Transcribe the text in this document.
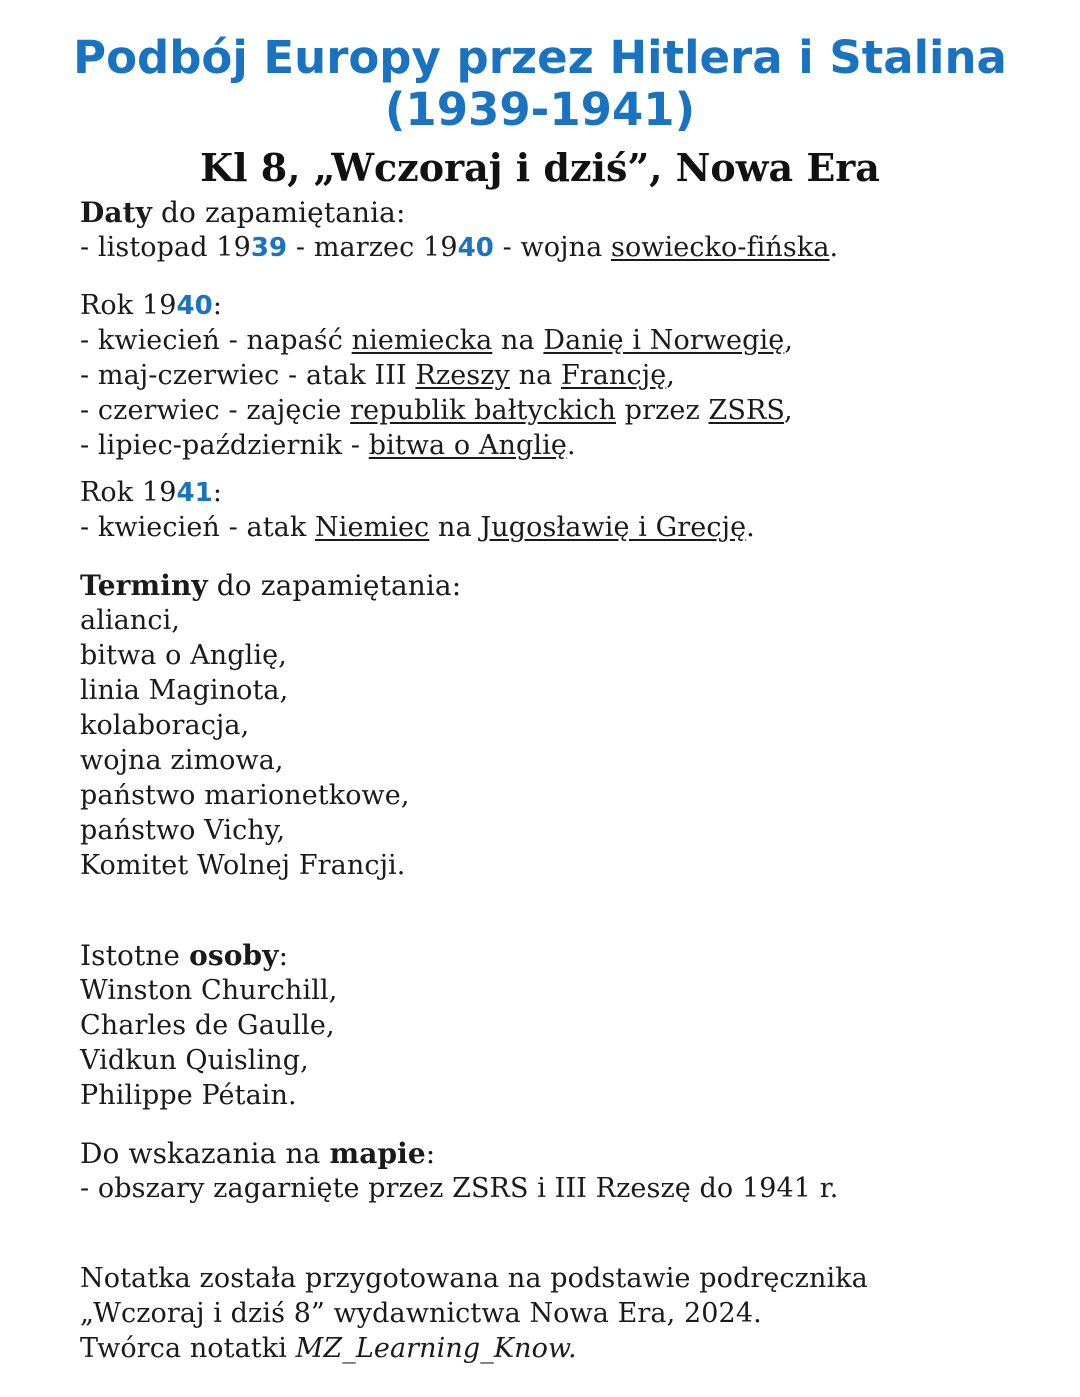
Podbój Europy przez Hitlera i Stalina (1939-1941)
Kl 8, „Wczoraj i dziś”, Nowa Era
Daty do zapamiętania:
- listopad 1939 - marzec 1940 - wojna sowiecko-fińska.
Rok 1940:
- kwiecień - napaść niemiecka na Danię i Norwegię,
- maj-czerwiec - atak III Rzeszy na Francję,
- czerwiec - zajęcie republik bałtyckich przez ZSRS,
- lipiec-październik - bitwa o Anglię.
Rok 1941:
- kwiecień - atak Niemiec na Jugosławię i Grecję.
Terminy do zapamiętania:
alianci,
bitwa o Anglię,
linia Maginota,
kolaboracja,
wojna zimowa,
państwo marionetkowe,
państwo Vichy,
Komitet Wolnej Francji.
Istotne osoby:
Winston Churchill,
Charles de Gaulle,
Vidkun Quisling,
Philippe Pétain.
Do wskazania na mapie:
- obszary zagarnięte przez ZSRS i III Rzeszę do 1941 r.
Notatka została przygotowana na podstawie podręcznika
„Wczoraj i dziś 8” wydawnictwa Nowa Era, 2024.
Twórca notatki MZ_Learning_Know.
